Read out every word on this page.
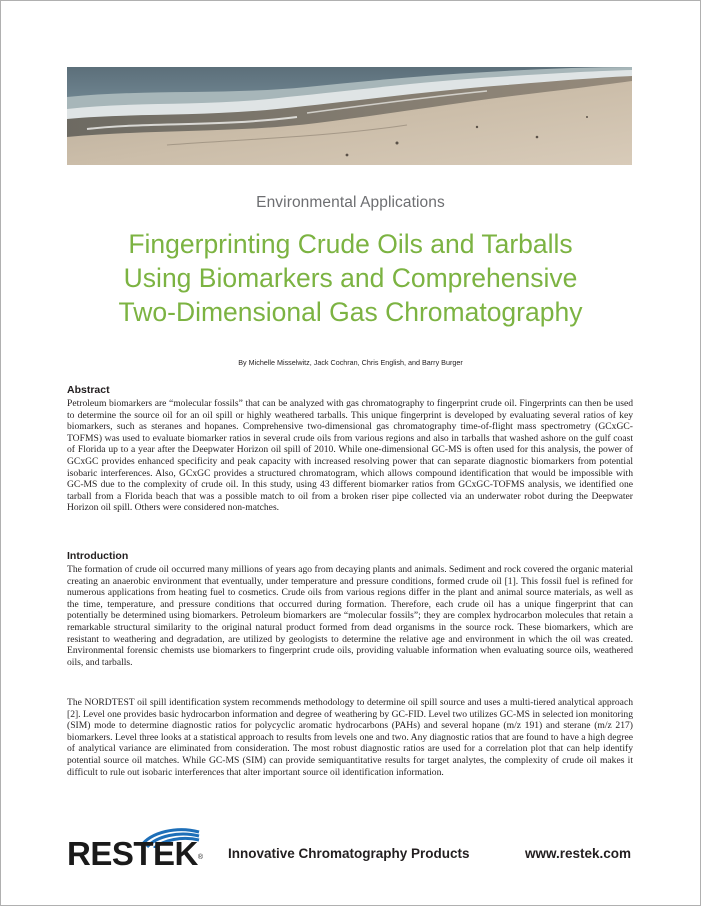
Environmental Applications
Fingerprinting Crude Oils and Tarballs
Using Biomarkers and Comprehensive
Two-Dimensional Gas Chromatography
By Michelle Misselwitz, Jack Cochran, Chris English, and Barry Burger
Abstract

Petroleum biomarkers are “molecular fossils” that can be analyzed with gas chromatography to fingerprint crude oil. Fingerprints can then be used to determine the source oil for an oil spill or highly weathered tarballs. This unique fingerprint is developed by evaluating several ratios of key biomarkers, such as steranes and hopanes. Comprehensive two-dimensional gas chromatography time-of-flight mass spectrometry (GCxGC-TOFMS) was used to evaluate biomarker ratios in several crude oils from various regions and also in tarballs that washed ashore on the gulf coast of Florida up to a year after the Deepwater Horizon oil spill of 2010. While one-dimensional GC-MS is often used for this analysis, the power of GCxGC provides enhanced specificity and peak capacity with increased resolving power that can separate diagnostic biomarkers from potential isobaric interferences. Also, GCxGC provides a structured chromatogram, which allows compound identification that would be impossible with GC-MS due to the complexity of crude oil. In this study, using 43 different biomarker ratios from GCxGC-TOFMS analysis, we identified one tarball from a Florida beach that was a possible match to oil from a broken riser pipe collected via an underwater robot during the Deepwater Horizon oil spill. Others were considered non-matches.

Introduction

The formation of crude oil occurred many millions of years ago from decaying plants and animals. Sediment and rock covered the organic material creating an anaerobic environment that eventually, under temperature and pressure conditions, formed crude oil [1]. This fossil fuel is refined for numerous applications from heating fuel to cosmetics. Crude oils from various regions differ in the plant and animal source materials, as well as the time, temperature, and pressure conditions that occurred during formation. Therefore, each crude oil has a unique fingerprint that can potentially be determined using biomarkers. Petroleum biomarkers are “molecular fossils”; they are complex hydrocarbon molecules that retain a remarkable structural similarity to the original natural product formed from dead organisms in the source rock. These biomarkers, which are resistant to weathering and degradation, are utilized by geologists to determine the relative age and environment in which the oil was created. Environmental forensic chemists use biomarkers to fingerprint crude oils, providing valuable information when evaluating source oils, weathered oils, and tarballs.

The NORDTEST oil spill identification system recommends methodology to determine oil spill source and uses a multi-tiered analytical approach [2]. Level one provides basic hydrocarbon information and degree of weathering by GC-FID. Level two utilizes GC-MS in selected ion monitoring (SIM) mode to determine diagnostic ratios for polycyclic aromatic hydrocarbons (PAHs) and several hopane (m/z 191) and sterane (m/z 217) biomarkers. Level three looks at a statistical approach to results from levels one and two. Any diagnostic ratios that are found to have a high degree of analytical variance are eliminated from consideration. The most robust diagnostic ratios are used for a correlation plot that can help identify potential source oil matches. While GC-MS (SIM) can provide semiquantitative results for target analytes, the complexity of crude oil makes it difficult to rule out isobaric interferences that alter important source oil identification information.

RESTEK® Innovative Chromatography Products	www.restek.com
